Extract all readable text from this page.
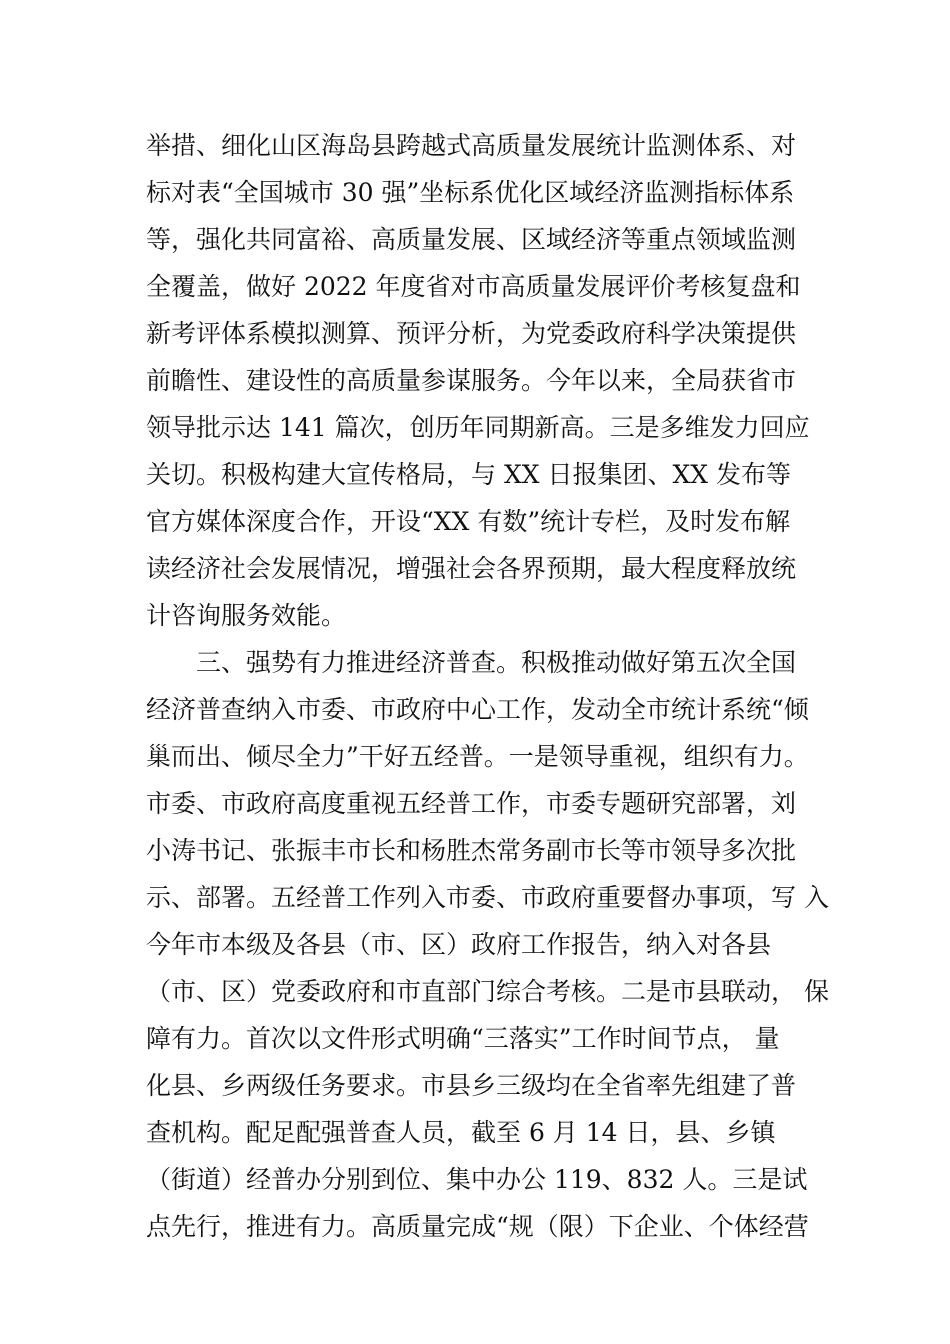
举措、细化山区海岛县跨越式高质量发展统计监测体系、对
标对表“全国城市 30 强”坐标系优化区域经济监测指标体系
等，强化共同富裕、高质量发展、区域经济等重点领域监测
全覆盖，做好 2022 年度省对市高质量发展评价考核复盘和
新考评体系模拟测算、预评分析，为党委政府科学决策提供
前瞻性、建设性的高质量参谋服务。今年以来，全局获省市
领导批示达 141 篇次，创历年同期新高。三是多维发力回应
关切。积极构建大宣传格局，与 XX 日报集团、XX 发布等
官方媒体深度合作，开设“XX 有数”统计专栏，及时发布解
读经济社会发展情况，增强社会各界预期，最大程度释放统
计咨询服务效能。
三、强势有力推进经济普查。积极推动做好第五次全国
经济普查纳入市委、市政府中心工作，发动全市统计系统“倾
巢而出、倾尽全力”干好五经普。一是领导重视，组织有力。
市委、市政府高度重视五经普工作，市委专题研究部署，刘
小涛书记、张振丰市长和杨胜杰常务副市长等市领导多次批
示、部署。五经普工作列入市委、市政府重要督办事项，写 入
今年市本级及各县（市、区）政府工作报告，纳入对各县
（市、区）党委政府和市直部门综合考核。二是市县联动， 保
障有力。首次以文件形式明确“三落实”工作时间节点， 量
化县、乡两级任务要求。市县乡三级均在全省率先组建了普
查机构。配足配强普查人员，截至 6 月 14 日，县、乡镇
（街道）经普办分别到位、集中办公 119、832 人。三是试
点先行，推进有力。高质量完成“规（限）下企业、个体经营
